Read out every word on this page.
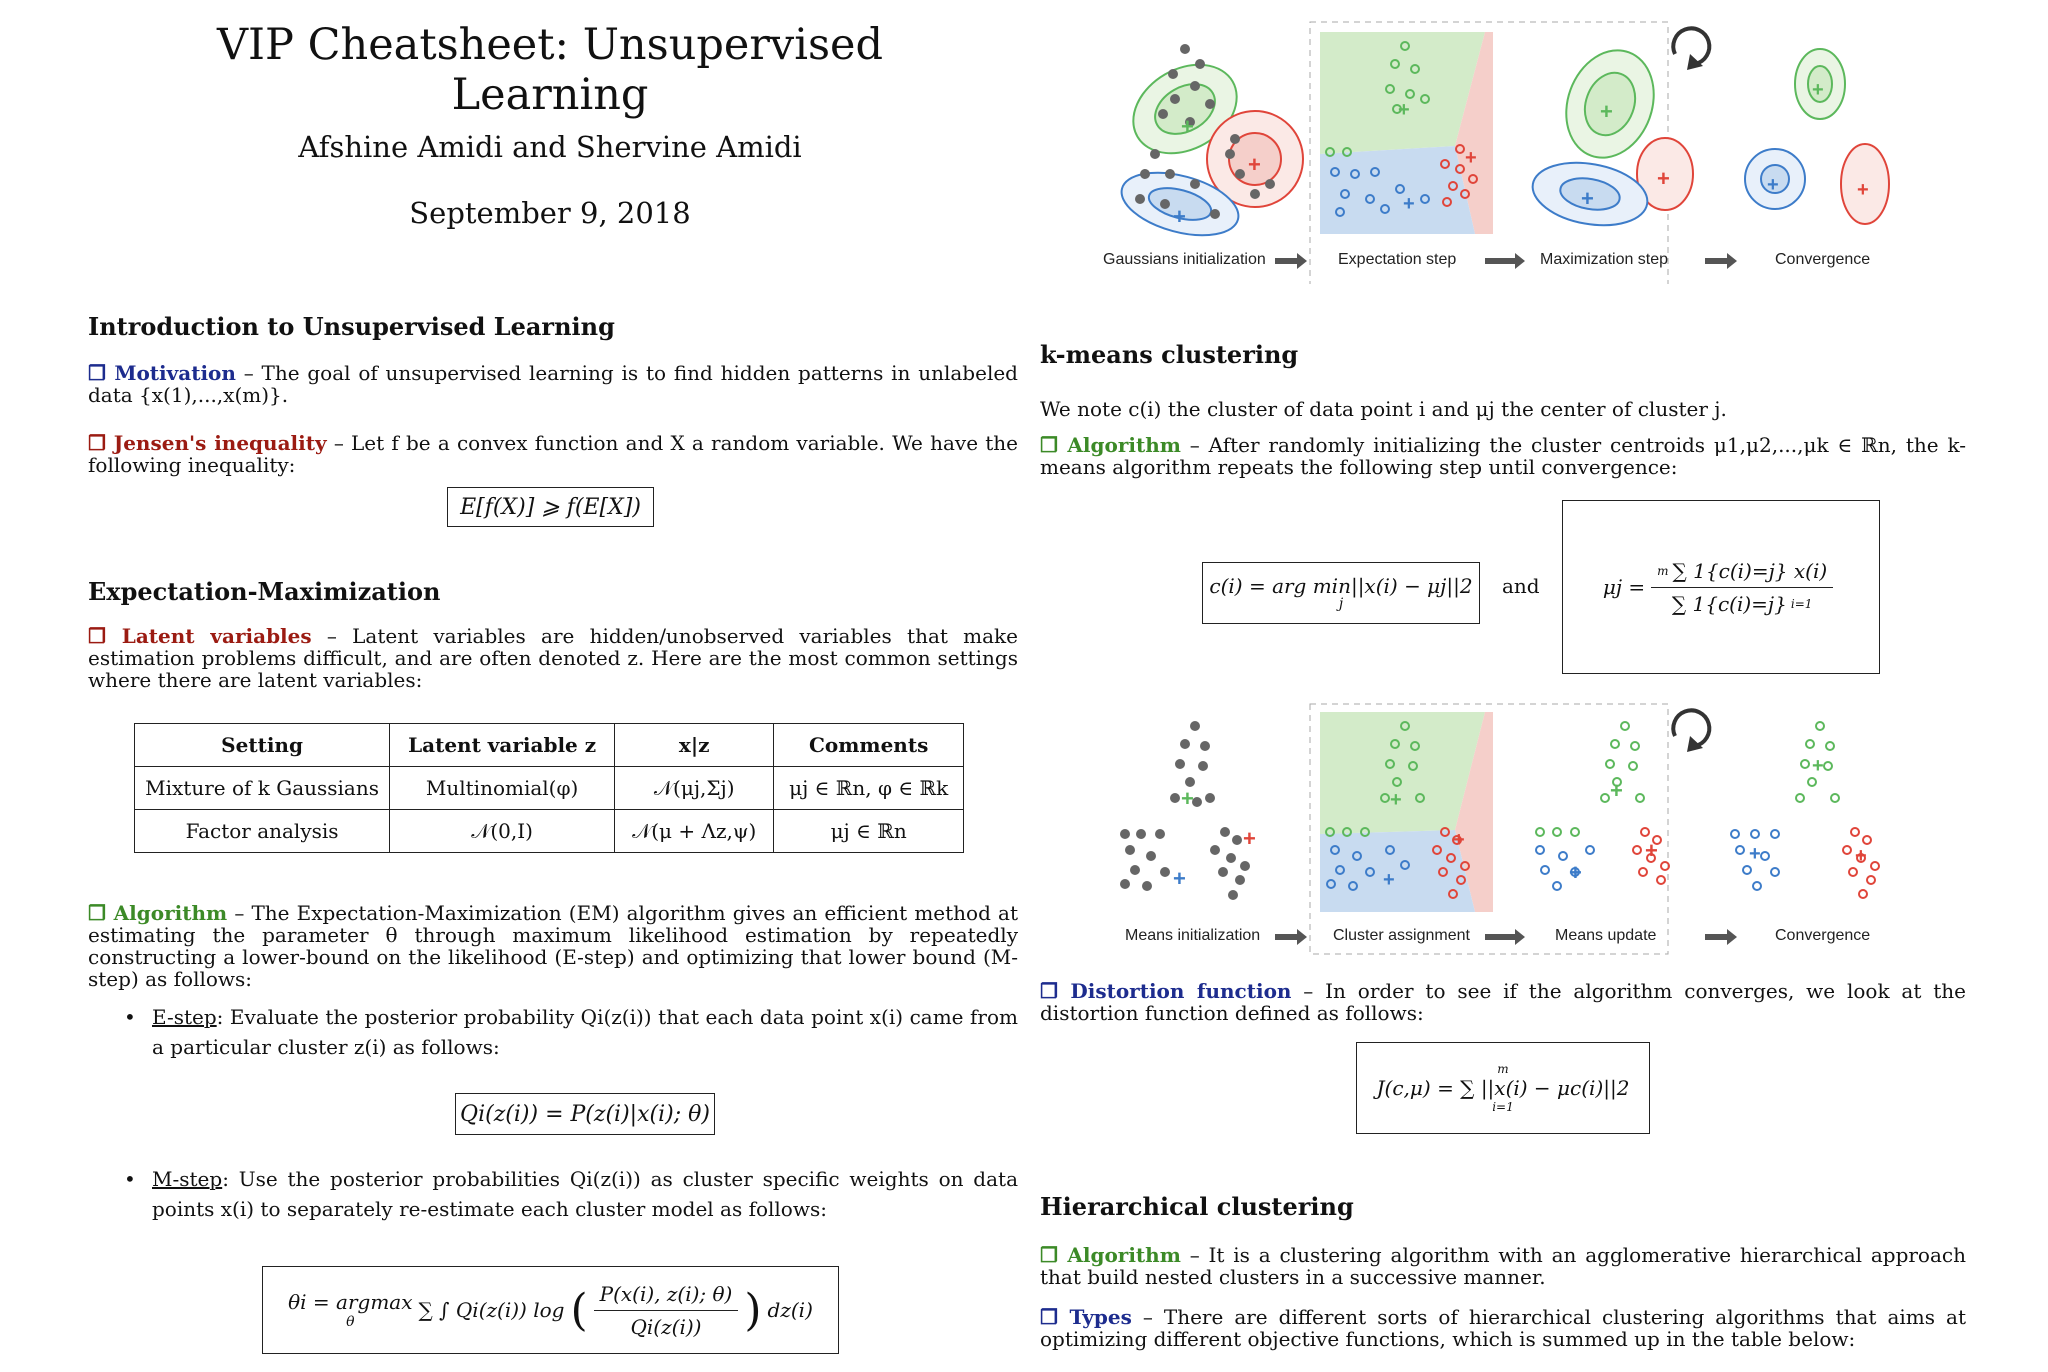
VIP Cheatsheet: Unsupervised Learning
Afshine Amidi and Shervine Amidi
September 9, 2018
Introduction to Unsupervised Learning
❒ Motivation – The goal of unsupervised learning is to find hidden patterns in unlabeled data {x(1),...,x(m)}.
❒ Jensen's inequality – Let f be a convex function and X a random variable. We have the following inequality:
E[f(X)] ⩾ f(E[X])
Expectation-Maximization
❒ Latent variables – Latent variables are hidden/unobserved variables that make estimation problems difficult, and are often denoted z. Here are the most common settings where there are latent variables:
Setting	Latent variable z	x|z	Comments
Mixture of k Gaussians	Multinomial(φ)	𝒩(μj,Σj)	μj ∈ ℝn, φ ∈ ℝk
Factor analysis	𝒩(0,I)	𝒩(μ + Λz,ψ)	μj ∈ ℝn
❒ Algorithm – The Expectation-Maximization (EM) algorithm gives an efficient method at estimating the parameter θ through maximum likelihood estimation by repeatedly constructing a lower-bound on the likelihood (E-step) and optimizing that lower bound (M-step) as follows:
• E-step: Evaluate the posterior probability Qi(z(i)) that each data point x(i) came from a particular cluster z(i) as follows:
Qi(z(i)) = P(z(i)|x(i); θ)
• M-step: Use the posterior probabilities Qi(z(i)) as cluster specific weights on data points x(i) to separately re-estimate each cluster model as follows:
θi = argmax
θ	∑ ∫ Qi(z(i)) log ( $\frac{P(x(i), z(i); \theta)}{Qi(z(i))}$ ) dz(i)
+
+
+
+
+
+
+
+
+
+
+	+
Gaussians initialization	Expectation step	Maximization step	Convergence
k-means clustering
We note c(i) the cluster of data point i and μj the center of cluster j.
❒ Algorithm – After randomly initializing the cluster centroids μ1,μ2,...,μk ∈ ℝn, the k-means algorithm repeats the following step until convergence:
c(i) = arg min||x(i) − μj||2
j
and	$\mu j = \frac{m \sum 1\{c(i)=j\} x(i)}{\sum 1\{c(i)=j\} i=1}$
+
+
+
+
+
+
+
+
+
+
+
+
Means initialization	Cluster assignment	Means update	Convergence
❒ Distortion function – In order to see if the algorithm converges, we look at the distortion function defined as follows:
m
J(c,μ) = ∑ ||x(i) − μc(i)||2
i=1
Hierarchical clustering
❒ Algorithm – It is a clustering algorithm with an agglomerative hierarchical approach that build nested clusters in a successive manner.
❒ Types – There are different sorts of hierarchical clustering algorithms that aims at optimizing different objective functions, which is summed up in the table below:
